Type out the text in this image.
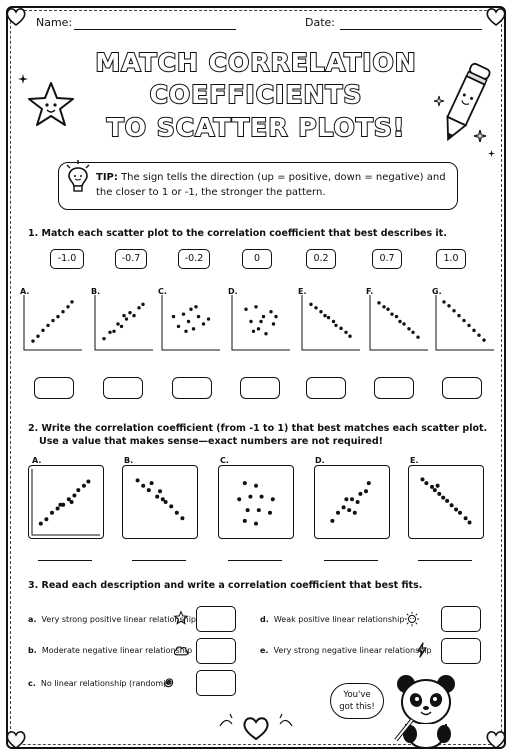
Name:	Date:
MATCH CORRELATION
COEFFICIENTS
TO SCATTER PLOTS!
TIP: The sign tells the direction (up = positive, down = negative) and the closer to 1 or -1, the stronger the pattern.
1. Match each scatter plot to the correlation coefficient that best describes it.
-1.0	-0.7	-0.2	0	0.2	0.7	1.0
A.	B.	C.	D.	E.	F.	G.
2. Write the correlation coefficient (from -1 to 1) that best matches each scatter plot.
Use a value that makes sense—exact numbers are not required!
A.	B.	C.	D.	E.
3. Read each description and write a correlation coefficient that best fits.
a. Very strong positive linear relationship
b. Moderate negative linear relationship
c. No linear relationship (random)
d. Weak positive linear relationship
e. Very strong negative linear relationship
You've
got this!
